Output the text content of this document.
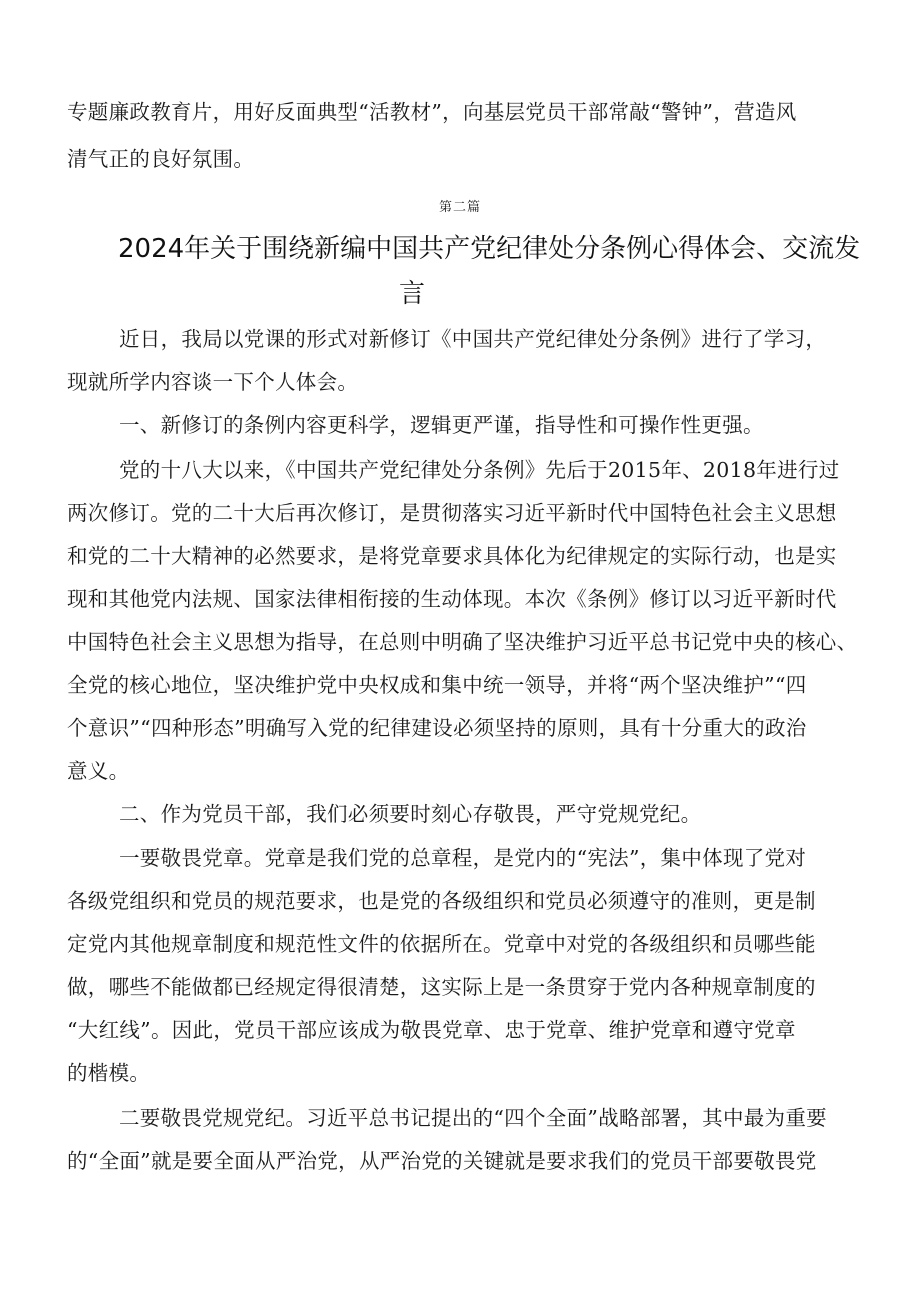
专题廉政教育片，用好反面典型“活教材”，向基层党员干部常敲“警钟”，营造风
清气正的良好氛围。
第二篇
2024年关于围绕新编中国共产党纪律处分条例心得体会、交流发
言
近日，我局以党课的形式对新修订《中国共产党纪律处分条例》进行了学习，
现就所学内容谈一下个人体会。
一、新修订的条例内容更科学，逻辑更严谨，指导性和可操作性更强。
党的十八大以来，《中国共产党纪律处分条例》先后于2015年、2018年进行过
两次修订。党的二十大后再次修订，是贯彻落实习近平新时代中国特色社会主义思想
和党的二十大精神的必然要求，是将党章要求具体化为纪律规定的实际行动，也是实
现和其他党内法规、国家法律相衔接的生动体现。本次《条例》修订以习近平新时代
中国特色社会主义思想为指导，在总则中明确了坚决维护习近平总书记党中央的核心、
全党的核心地位，坚决维护党中央权成和集中统一领导，并将“两个坚决维护”“四
个意识”“四种形态”明确写入党的纪律建设必须坚持的原则，具有十分重大的政治
意义。
二、作为党员干部，我们必须要时刻心存敬畏，严守党规党纪。
一要敬畏党章。党章是我们党的总章程，是党内的“宪法”，集中体现了党对
各级党组织和党员的规范要求，也是党的各级组织和党员必须遵守的准则，更是制
定党内其他规章制度和规范性文件的依据所在。党章中对党的各级组织和员哪些能
做，哪些不能做都已经规定得很清楚，这实际上是一条贯穿于党内各种规章制度的
“大红线”。因此，党员干部应该成为敬畏党章、忠于党章、维护党章和遵守党章
的楷模。
二要敬畏党规党纪。习近平总书记提出的“四个全面”战略部署，其中最为重要
的“全面”就是要全面从严治党，从严治党的关键就是要求我们的党员干部要敬畏党
